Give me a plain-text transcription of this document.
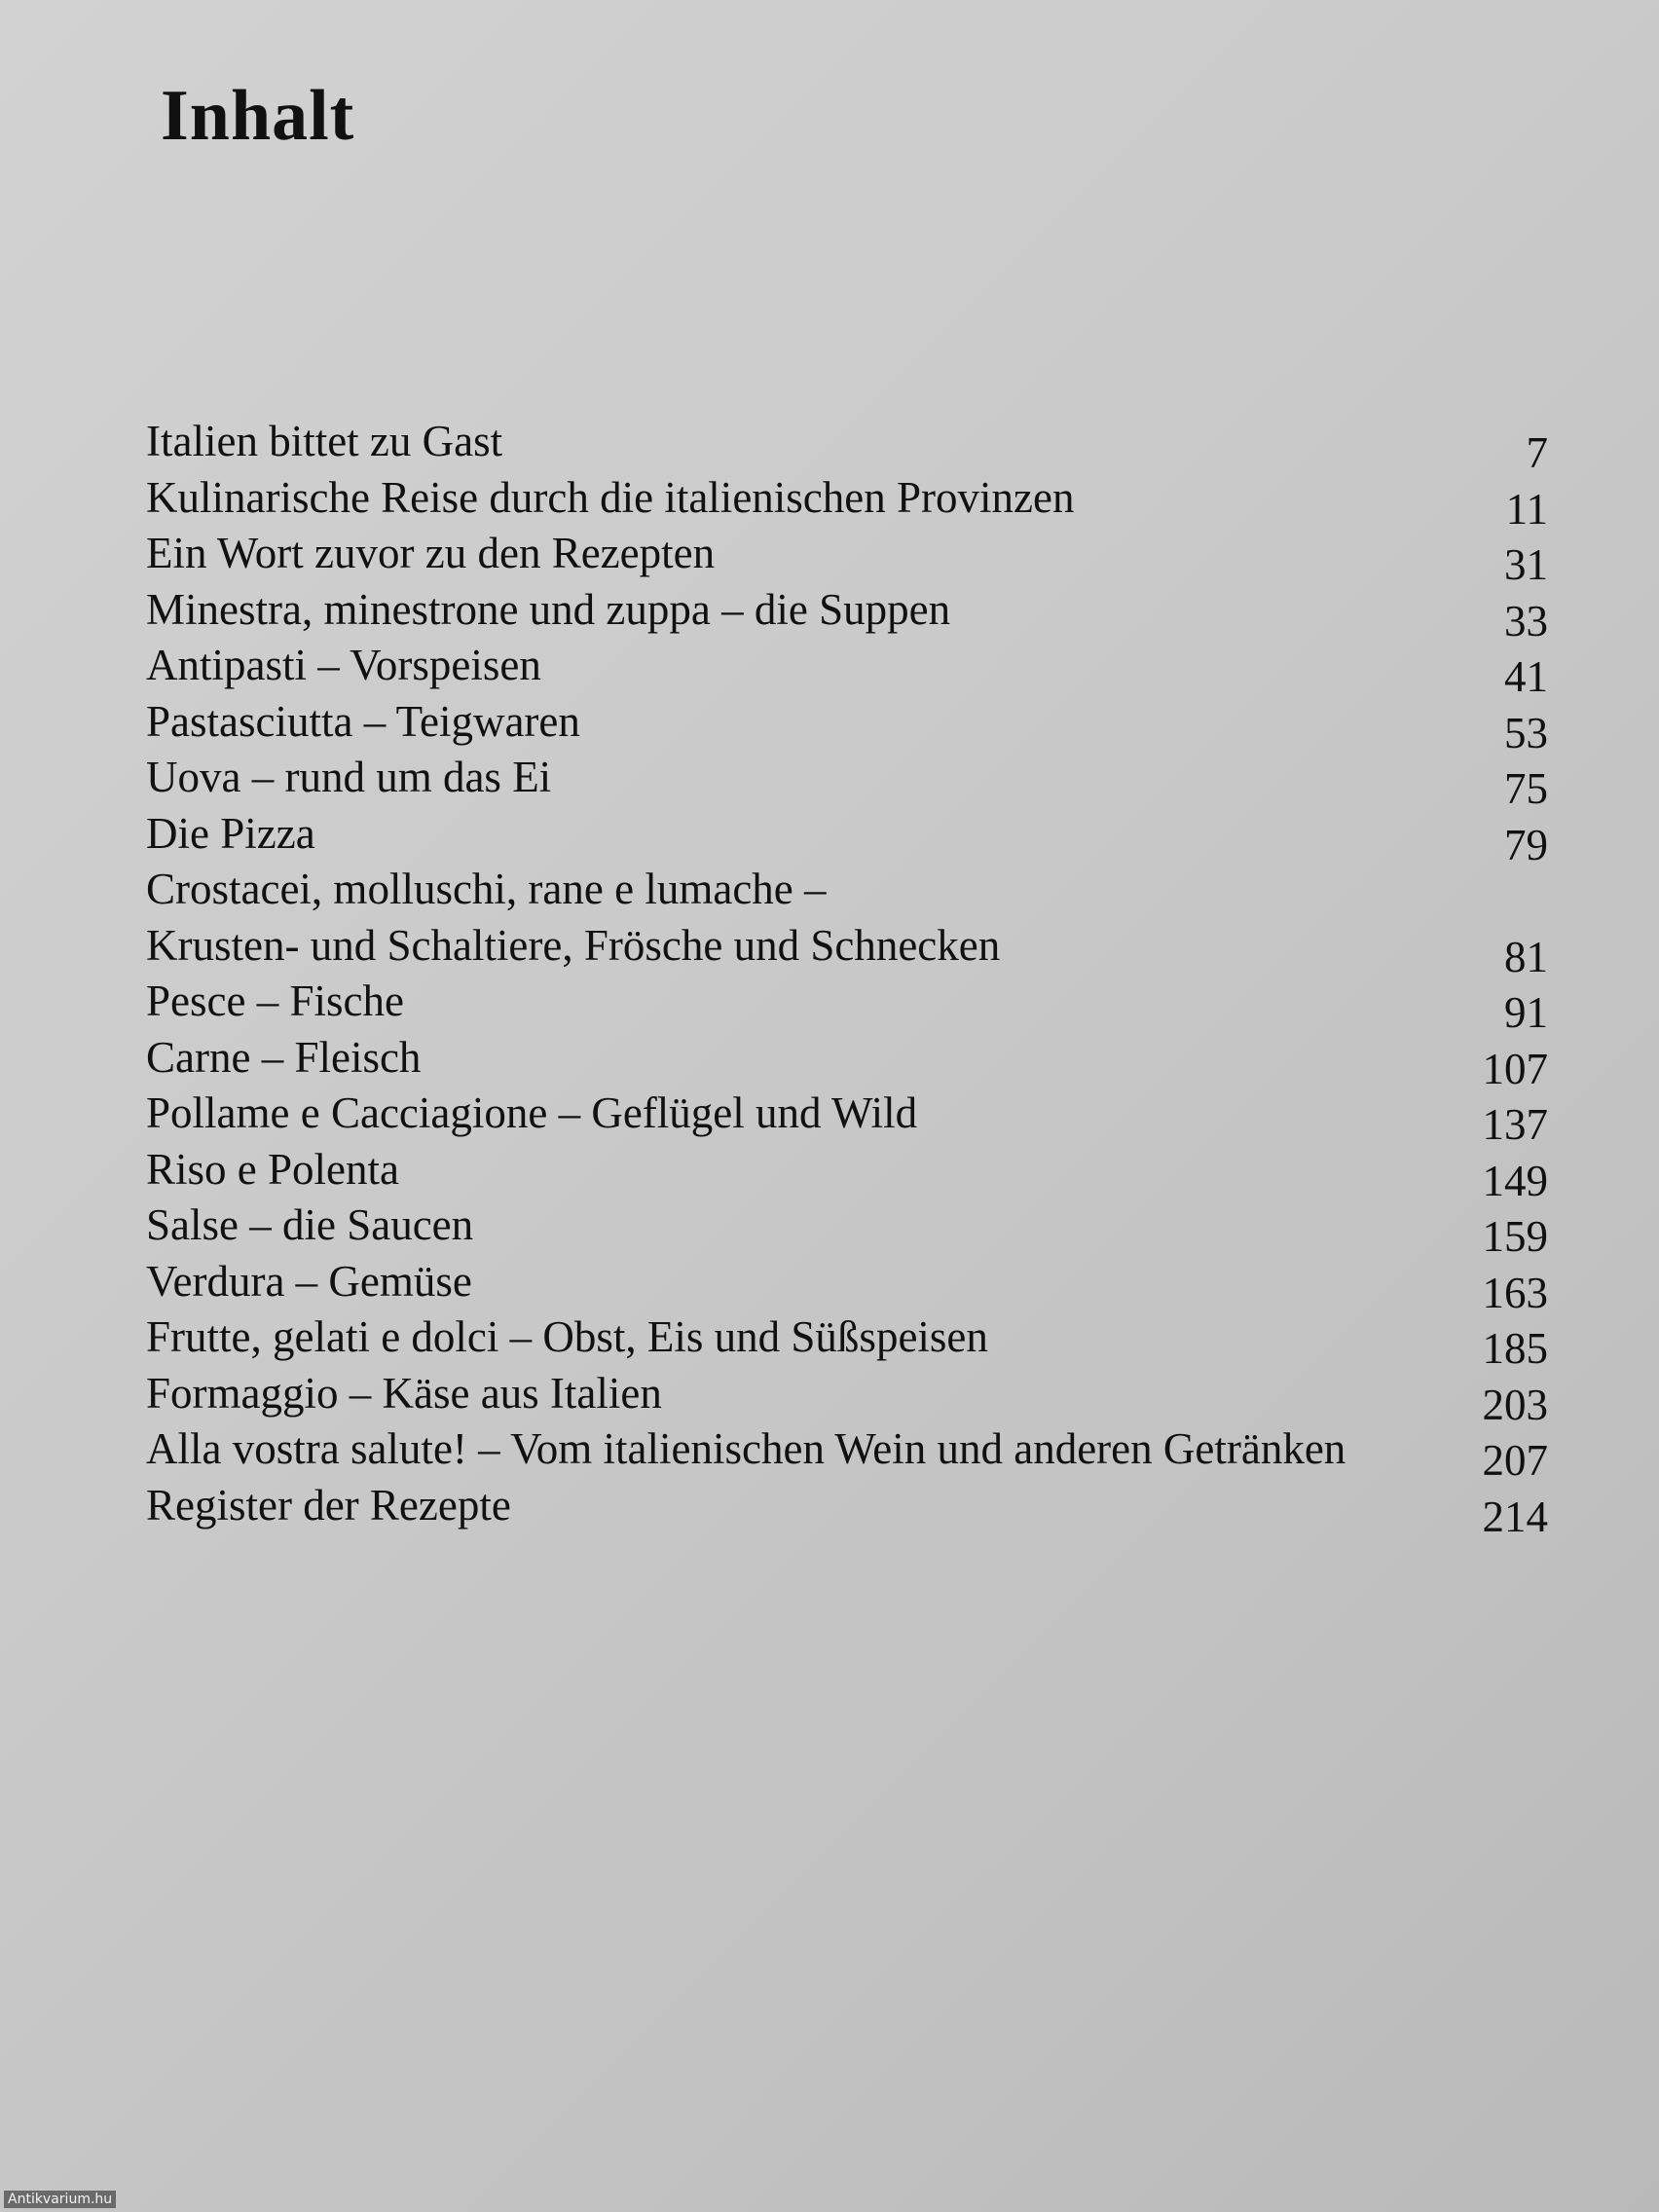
Inhalt
Italien bittet zu Gast	7
Kulinarische Reise durch die italienischen Provinzen	11
Ein Wort zuvor zu den Rezepten	31
Minestra, minestrone und zuppa – die Suppen	33
Antipasti – Vorspeisen	41
Pastasciutta – Teigwaren	53
Uova – rund um das Ei	75
Die Pizza	79
Crostacei, molluschi, rane e lumache –
Krusten- und Schaltiere, Frösche und Schnecken	81
Pesce – Fische	91
Carne – Fleisch	107
Pollame e Cacciagione – Geflügel und Wild	137
Riso e Polenta	149
Salse – die Saucen	159
Verdura – Gemüse	163
Frutte, gelati e dolci – Obst, Eis und Süßspeisen	185
Formaggio – Käse aus Italien	203
Alla vostra salute! – Vom italienischen Wein und anderen Getränken	207
Register der Rezepte	214
Antikvarium.hu
